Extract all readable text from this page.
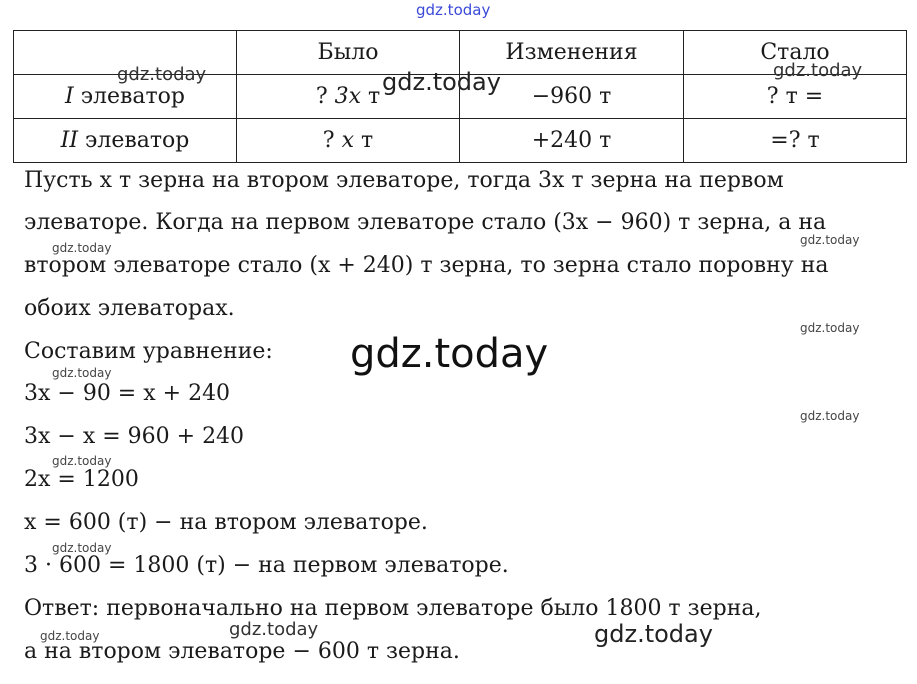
gdz.today
	Было	Изменения	Стало
I элеватор	? 3x т	−960 т	? т =
II элеватор	? x т	+240 т	=? т
Пусть x т зерна на втором элеваторе, тогда 3x т зерна на первом
элеваторе. Когда на первом элеваторе стало (3x − 960) т зерна, а на
втором элеваторе стало (x + 240) т зерна, то зерна стало поровну на
обоих элеваторах.
Составим уравнение:
3x − 90 = x + 240
3x − x = 960 + 240
2x = 1200
x = 600 (т) − на втором элеваторе.
3 · 600 = 1800 (т) − на первом элеваторе.
Ответ: первоначально на первом элеваторе было 1800 т зерна,
а на втором элеваторе − 600 т зерна.
gdz.today	gdz.today	gdz.today
gdz.today
gdz.today
gdz.today
gdz.today
gdz.today
gdz.today
gdz.today
gdz.today
gdz.today	gdz.today	gdz.today
